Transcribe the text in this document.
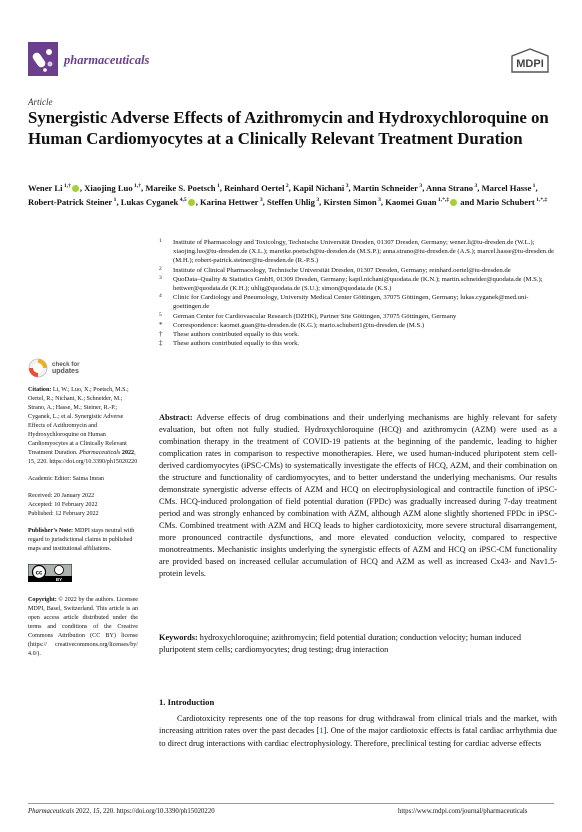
pharmaceuticals	MDPI
Article
Synergistic Adverse Effects of Azithromycin and Hydroxychloroquine on Human Cardiomyocytes at a Clinically Relevant Treatment Duration
Wener Li $^{1,\dagger}$ , Xiaojing Luo $^{1,\dagger}$, Mareike S. Poetsch $^1$, Reinhard Oertel $^2$, Kapil Nichani $^3$, Martin Schneider $^3$, Anna Strano $^3$, Marcel Hasse $^1$, Robert-Patrick Steiner $^1$, Lukas Cyganek $^{4,5}$ , Karina Hettwer $^3$, Steffen Uhlig $^3$, Kirsten Simon $^3$, Kaomei Guan $^{1,*,\ddagger}$ and Mario Schubert $^{1,*,\ddagger}$
1 Institute of Pharmacology and Toxicology, Technische Universität Dresden, 01307 Dresden, Germany; wener.li@tu-dresden.de (W.L.); xiaojing.luo@tu-dresden.de (X.L.); mareike.poetsch@tu-dresden.de (M.S.P.); anna.strano@tu-dresden.de (A.S.); marcel.hasse@tu-dresden.de (M.H.); robert-patrick.steiner@tu-dresden.de (R.-P.S.)
2 Institute of Clinical Pharmacology, Technische Universität Dresden, 01307 Dresden, Germany; reinhard.oertel@tu-dresden.de
3 QuoData–Quality & Statistics GmbH, 01309 Dresden, Germany; kapil.nichani@quodata.de (K.N.); martin.schneider@quodata.de (M.S.); hettwer@quodata.de (K.H.); uhlig@quodata.de (S.U.); simon@quodata.de (K.S.)
4 Clinic for Cardiology and Pneumology, University Medical Center Göttingen, 37075 Göttingen, Germany; lukas.cyganek@med.uni-goettingen.de
5 German Center for Cardiovascular Research (DZHK), Partner Site Göttingen, 37075 Göttingen, Germany
* Correspondence: kaomei.guan@tu-dresden.de (K.G.); mario.schubert1@tu-dresden.de (M.S.)
† These authors contributed equally to this work.
‡ These authors contributed equally to this work.
check for
updates
Citation: Li, W.; Luo, X.; Poetsch, M.S.; Oertel, R.; Nichani, K.; Schneider, M.; Strano, A.; Hasse, M.; Steiner, R.-P.; Cyganek, L.; et al. Synergistic Adverse Effects of Azithromycin and Hydroxychloroquine on Human Cardiomyocytes at a Clinically Relevant Treatment Duration. Pharmaceuticals 2022, 15, 220. https://doi.org/10.3390/ph15020220
Academic Editor: Saima Imran
Received: 20 January 2022
Accepted: 10 February 2022
Published: 12 February 2022
Publisher’s Note: MDPI stays neutral with regard to jurisdictional claims in published maps and institutional affiliations.
cc
BY
Copyright: © 2022 by the authors. Licensee MDPI, Basel, Switzerland. This article is an open access article distributed under the terms and conditions of the Creative Commons Attribution (CC BY) license (https:// creativecommons.org/licenses/by/ 4.0/).

Abstract: Adverse effects of drug combinations and their underlying mechanisms are highly relevant for safety evaluation, but often not fully studied. Hydroxychloroquine (HCQ) and azithromycin (AZM) were used as a combination therapy in the treatment of COVID-19 patients at the beginning of the pandemic, leading to higher complication rates in comparison to respective monotherapies. Here, we used human-induced pluripotent stem cell-derived cardiomyocytes (iPSC-CMs) to systematically investigate the effects of HCQ, AZM, and their combination on the structure and functionality of cardiomyocytes, and to better understand the underlying mechanisms. Our results demonstrate synergistic adverse effects of AZM and HCQ on electrophysiological and contractile function of iPSC-CMs. HCQ-induced prolongation of field potential duration (FPDc) was gradually increased during 7-day treatment period and was strongly enhanced by combination with AZM, although AZM alone slightly shortened FPDc in iPSC-CMs. Combined treatment with AZM and HCQ leads to higher cardiotoxicity, more severe structural disarrangement, more pronounced contractile dysfunctions, and more elevated conduction velocity, compared to respective monotreatments. Mechanistic insights underlying the synergistic effects of AZM and HCQ on iPSC-CM functionality are provided based on increased cellular accumulation of HCQ and AZM as well as increased Cx43- and Nav1.5-protein levels.

Keywords: hydroxychloroquine; azithromycin; field potential duration; conduction velocity; human induced pluripotent stem cells; cardiomyocytes; drug testing; drug interaction

1. Introduction

Cardiotoxicity represents one of the top reasons for drug withdrawal from clinical trials and the market, with increasing attrition rates over the past decades [1]. One of the major cardiotoxic effects is fatal cardiac arrhythmia due to direct drug interactions with cardiac electrophysiology. Therefore, preclinical testing for cardiac adverse effects

Pharmaceuticals 2022, 15, 220. https://doi.org/10.3390/ph15020220	https://www.mdpi.com/journal/pharmaceuticals
